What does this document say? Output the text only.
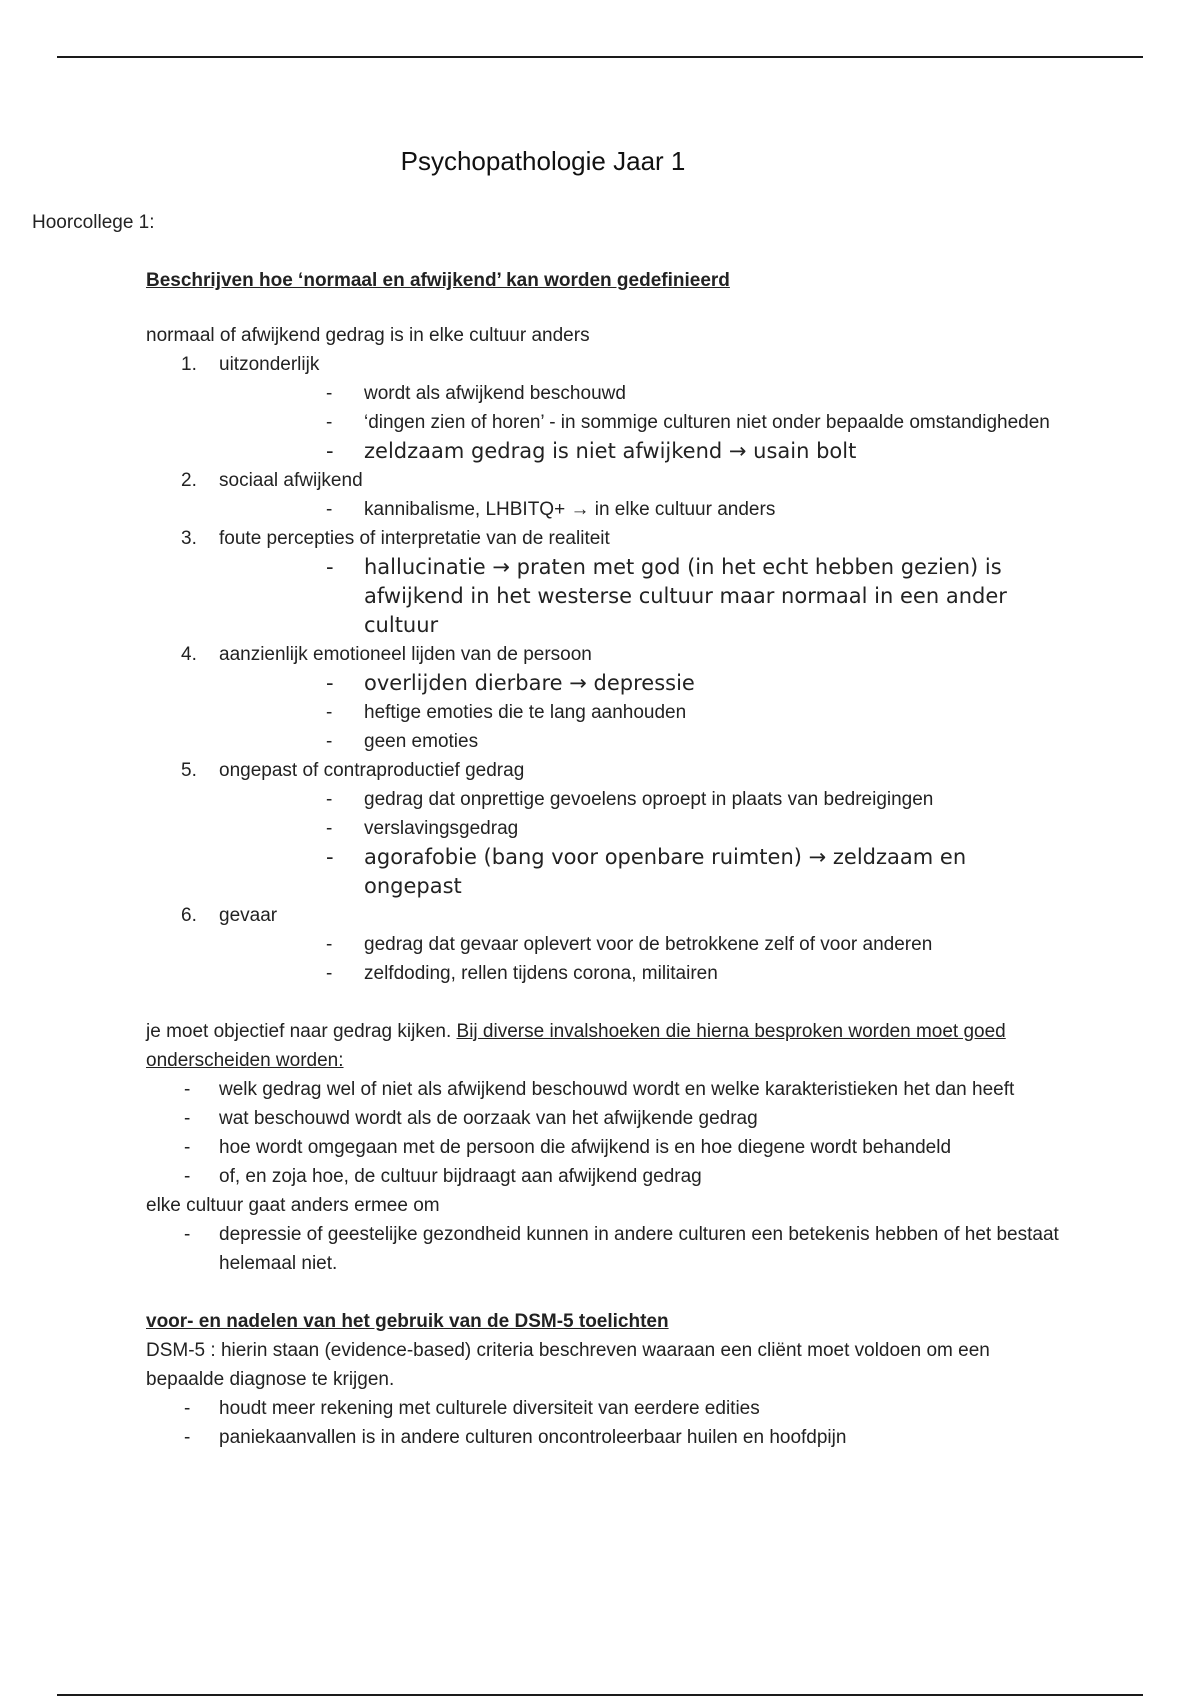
Psychopathologie Jaar 1
Hoorcollege 1:

Beschrijven hoe ‘normaal en afwijkend’ kan worden gedefinieerd

normaal of afwijkend gedrag is in elke cultuur anders

1. uitzonderlijk
- wordt als afwijkend beschouwd
- ‘dingen zien of horen’ - in sommige culturen niet onder bepaalde omstandigheden
- zeldzaam gedrag is niet afwijkend → usain bolt
2. sociaal afwijkend
- kannibalisme, LHBITQ+ → in elke cultuur anders
3. foute percepties of interpretatie van de realiteit
- hallucinatie → praten met god (in het echt hebben gezien) is afwijkend in het westerse cultuur maar normaal in een ander cultuur
4. aanzienlijk emotioneel lijden van de persoon
- overlijden dierbare → depressie
- heftige emoties die te lang aanhouden
- geen emoties
5. ongepast of contraproductief gedrag
- gedrag dat onprettige gevoelens oproept in plaats van bedreigingen
- verslavingsgedrag
- agorafobie (bang voor openbare ruimten) → zeldzaam en ongepast
6. gevaar
- gedrag dat gevaar oplevert voor de betrokkene zelf of voor anderen
- zelfdoding, rellen tijdens corona, militairen

je moet objectief naar gedrag kijken. Bij diverse invalshoeken die hierna besproken worden moet goed onderscheiden worden:

- welk gedrag wel of niet als afwijkend beschouwd wordt en welke karakteristieken het dan heeft
- wat beschouwd wordt als de oorzaak van het afwijkende gedrag
- hoe wordt omgegaan met de persoon die afwijkend is en hoe diegene wordt behandeld
- of, en zoja hoe, de cultuur bijdraagt aan afwijkend gedrag

elke cultuur gaat anders ermee om

- depressie of geestelijke gezondheid kunnen in andere culturen een betekenis hebben of het bestaat helemaal niet.

voor- en nadelen van het gebruik van de DSM-5 toelichten

DSM-5 : hierin staan (evidence-based) criteria beschreven waaraan een cliënt moet voldoen om een bepaalde diagnose te krijgen.

- houdt meer rekening met culturele diversiteit van eerdere edities
- paniekaanvallen is in andere culturen oncontroleerbaar huilen en hoofdpijn
